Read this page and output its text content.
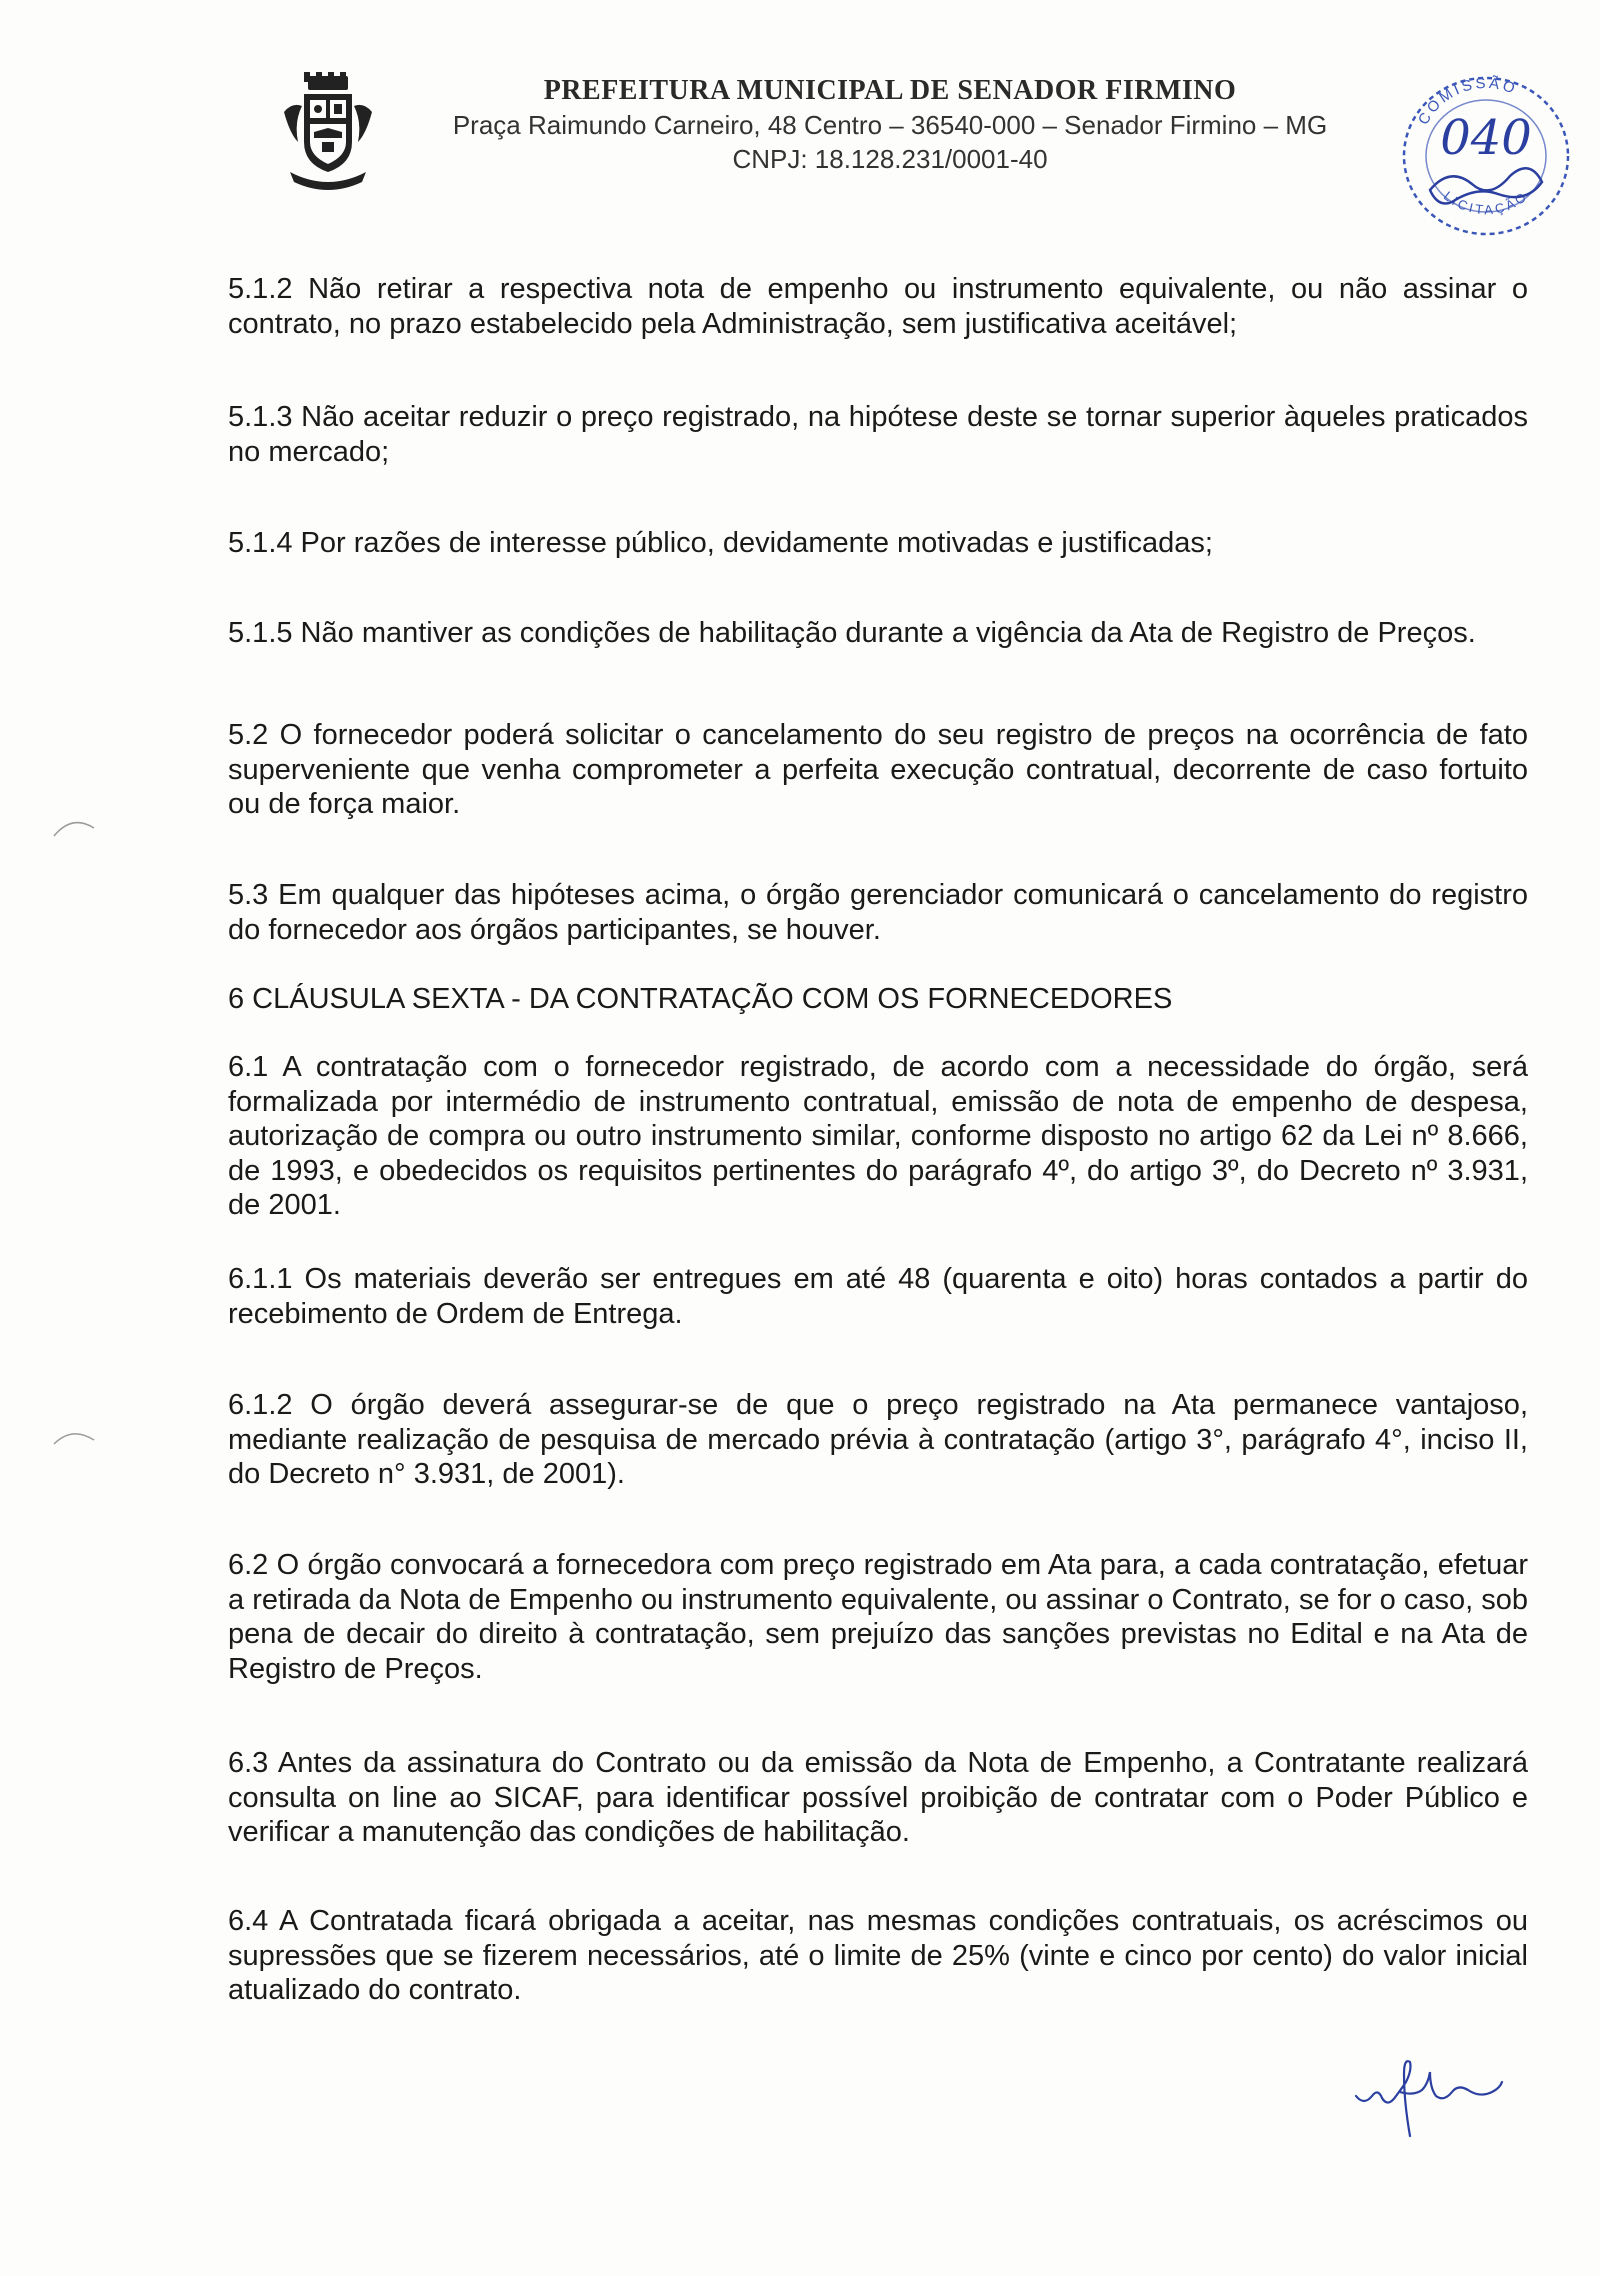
PREFEITURA MUNICIPAL DE SENADOR FIRMINO
Praça Raimundo Carneiro, 48 Centro – 36540-000 – Senador Firmino – MG
CNPJ: 18.128.231/0001-40
COMISSÃO
LICITAÇÃO
040

5.1.2 Não retirar a respectiva nota de empenho ou instrumento equivalente, ou não assinar o contrato, no prazo estabelecido pela Administração, sem justificativa aceitável;

5.1.3 Não aceitar reduzir o preço registrado, na hipótese deste se tornar superior àqueles praticados no mercado;

5.1.4 Por razões de interesse público, devidamente motivadas e justificadas;

5.1.5 Não mantiver as condições de habilitação durante a vigência da Ata de Registro de Preços.

5.2 O fornecedor poderá solicitar o cancelamento do seu registro de preços na ocorrência de fato superveniente que venha comprometer a perfeita execução contratual, decorrente de caso fortuito ou de força maior.

5.3 Em qualquer das hipóteses acima, o órgão gerenciador comunicará o cancelamento do registro do fornecedor aos órgãos participantes, se houver.

6 CLÁUSULA SEXTA - DA CONTRATAÇÃO COM OS FORNECEDORES

6.1 A contratação com o fornecedor registrado, de acordo com a necessidade do órgão, será formalizada por intermédio de instrumento contratual, emissão de nota de empenho de despesa, autorização de compra ou outro instrumento similar, conforme disposto no artigo 62 da Lei nº 8.666, de 1993, e obedecidos os requisitos pertinentes do parágrafo 4º, do artigo 3º, do Decreto nº 3.931, de 2001.

6.1.1 Os materiais deverão ser entregues em até 48 (quarenta e oito) horas contados a partir do recebimento de Ordem de Entrega.

6.1.2 O órgão deverá assegurar-se de que o preço registrado na Ata permanece vantajoso, mediante realização de pesquisa de mercado prévia à contratação (artigo 3°, parágrafo 4°, inciso II, do Decreto n° 3.931, de 2001).

6.2 O órgão convocará a fornecedora com preço registrado em Ata para, a cada contratação, efetuar a retirada da Nota de Empenho ou instrumento equivalente, ou assinar o Contrato, se for o caso, sob pena de decair do direito à contratação, sem prejuízo das sanções previstas no Edital e na Ata de Registro de Preços.

6.3 Antes da assinatura do Contrato ou da emissão da Nota de Empenho, a Contratante realizará consulta on line ao SICAF, para identificar possível proibição de contratar com o Poder Público e verificar a manutenção das condições de habilitação.

6.4 A Contratada ficará obrigada a aceitar, nas mesmas condições contratuais, os acréscimos ou supressões que se fizerem necessários, até o limite de 25% (vinte e cinco por cento) do valor inicial atualizado do contrato.
